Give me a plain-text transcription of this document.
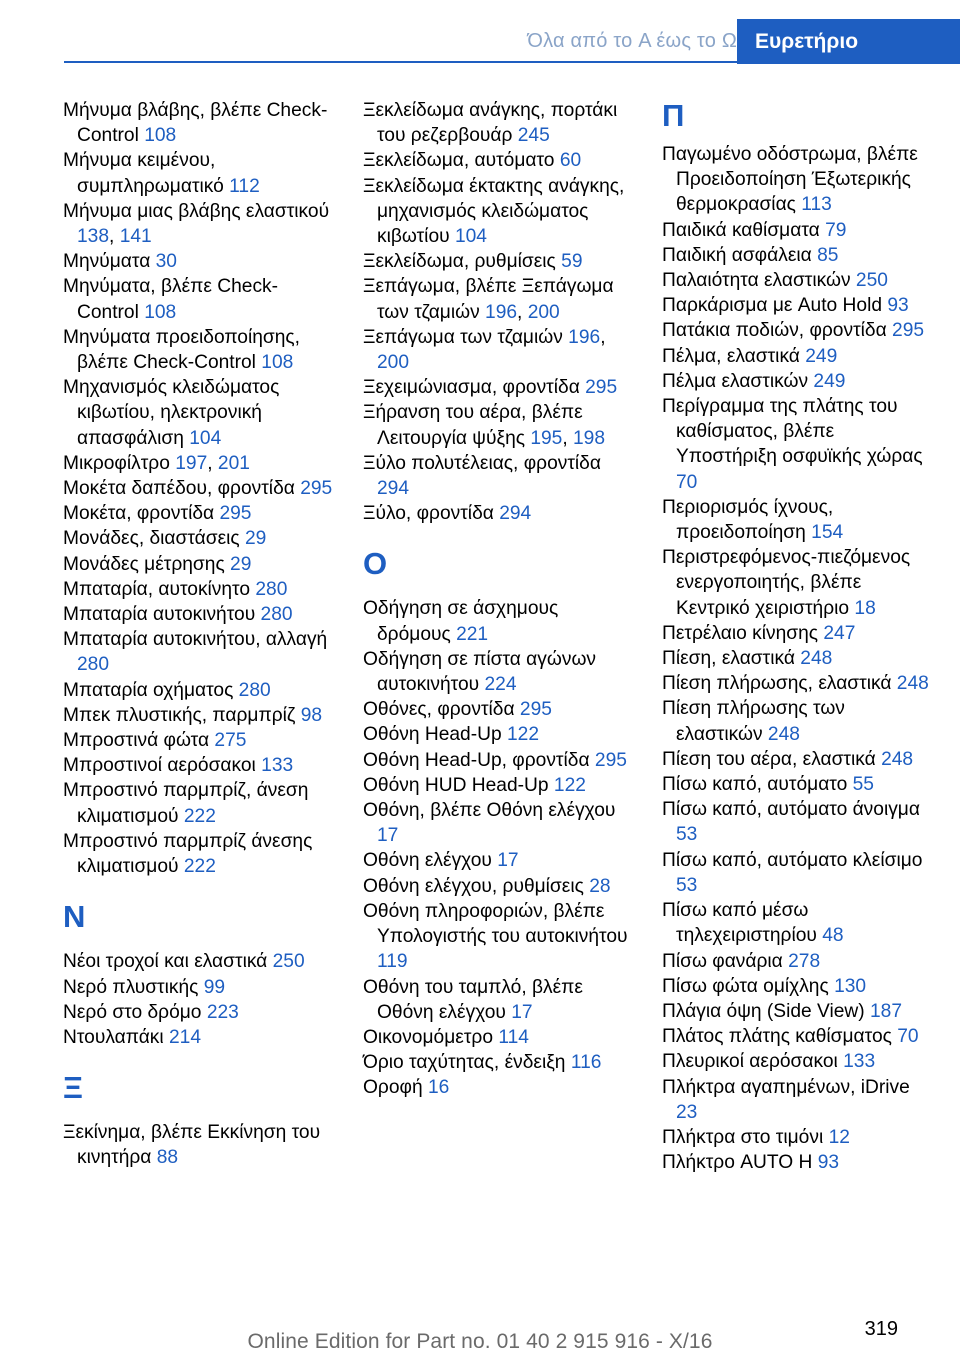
Όλα από το A έως το Ω Ευρετήριο
Μήνυμα βλάβης, βλέπε Check-Control 108
Μήνυμα κειμένου, συμπληρωματικό 112
Μήνυμα μιας βλάβης ελαστικού 138, 141
Μηνύματα 30
Μηνύματα, βλέπε Check-Control 108
Μηνύματα προειδοποίησης, βλέπε Check-Control 108
Μηχανισμός κλειδώματος κιβωτίου, ηλεκτρονική απασφάλιση 104
Μικροφίλτρο 197, 201
Μοκέτα δαπέδου, φροντίδα 295
Μοκέτα, φροντίδα 295
Μονάδες, διαστάσεις 29
Μονάδες μέτρησης 29
Μπαταρία, αυτοκίνητο 280
Μπαταρία αυτοκινήτου 280
Μπαταρία αυτοκινήτου, αλλαγή 280
Μπαταρία οχήματος 280
Μπεκ πλυστικής, παρμπρίζ 98
Μπροστινά φώτα 275
Μπροστινοί αερόσακοι 133
Μπροστινό παρμπρίζ, άνεση κλιματισμού 222
Μπροστινό παρμπρίζ άνεσης κλιματισμού 222
Ν
Νέοι τροχοί και ελαστικά 250
Νερό πλυστικής 99
Νερό στο δρόμο 223
Ντουλαπάκι 214
Ξ
Ξεκίνημα, βλέπε Εκκίνηση του κινητήρα 88
Ξεκλείδωμα ανάγκης, πορτάκι του ρεζερβουάρ 245
Ξεκλείδωμα, αυτόματο 60
Ξεκλείδωμα έκτακτης ανάγκης, μηχανισμός κλειδώματος κιβωτίου 104
Ξεκλείδωμα, ρυθμίσεις 59
Ξεπάγωμα, βλέπε Ξεπάγωμα των τζαμιών 196, 200
Ξεπάγωμα των τζαμιών 196, 200
Ξεχειμώνιασμα, φροντίδα 295
Ξήρανση του αέρα, βλέπε Λειτουργία ψύξης 195, 198
Ξύλο πολυτέλειας, φροντίδα 294
Ξύλο, φροντίδα 294
Ο
Οδήγηση σε άσχημους δρόμους 221
Οδήγηση σε πίστα αγώνων αυτοκινήτου 224
Οθόνες, φροντίδα 295
Οθόνη Head-Up 122
Οθόνη Head-Up, φροντίδα 295
Οθόνη HUD Head-Up 122
Οθόνη, βλέπε Οθόνη ελέγχου 17
Οθόνη ελέγχου 17
Οθόνη ελέγχου, ρυθμίσεις 28
Οθόνη πληροφοριών, βλέπε Υπολογιστής του αυτοκινήτου 119
Οθόνη του ταμπλό, βλέπε Οθόνη ελέγχου 17
Οικονομόμετρο 114
Όριο ταχύτητας, ένδειξη 116
Οροφή 16
Π
Παγωμένο οδόστρωμα, βλέπε Προειδοποίηση Έξωτερικής θερμοκρασίας 113
Παιδικά καθίσματα 79
Παιδική ασφάλεια 85
Παλαιότητα ελαστικών 250
Παρκάρισμα με Auto Hold 93
Πατάκια ποδιών, φροντίδα 295
Πέλμα, ελαστικά 249
Πέλμα ελαστικών 249
Περίγραμμα της πλάτης του καθίσματος, βλέπε Υποστήριξη οσφυϊκής χώρας 70
Περιορισμός ίχνους, προειδοποίηση 154
Περιστρεφόμενος-πιεζόμενος ενεργοποιητής, βλέπε Κεντρικό χειριστήριο 18
Πετρέλαιο κίνησης 247
Πίεση, ελαστικά 248
Πίεση πλήρωσης, ελαστικά 248
Πίεση πλήρωσης των ελαστικών 248
Πίεση του αέρα, ελαστικά 248
Πίσω καπό, αυτόματο 55
Πίσω καπό, αυτόματο άνοιγμα 53
Πίσω καπό, αυτόματο κλείσιμο 53
Πίσω καπό μέσω τηλεχειριστηρίου 48
Πίσω φανάρια 278
Πίσω φώτα ομίχλης 130
Πλάγια όψη (Side View) 187
Πλάτος πλάτης καθίσματος 70
Πλευρικοί αερόσακοι 133
Πλήκτρα αγαπημένων, iDrive 23
Πλήκτρα στο τιμόνι 12
Πλήκτρο AUTO H 93
319
Online Edition for Part no. 01 40 2 915 916 - X/16
